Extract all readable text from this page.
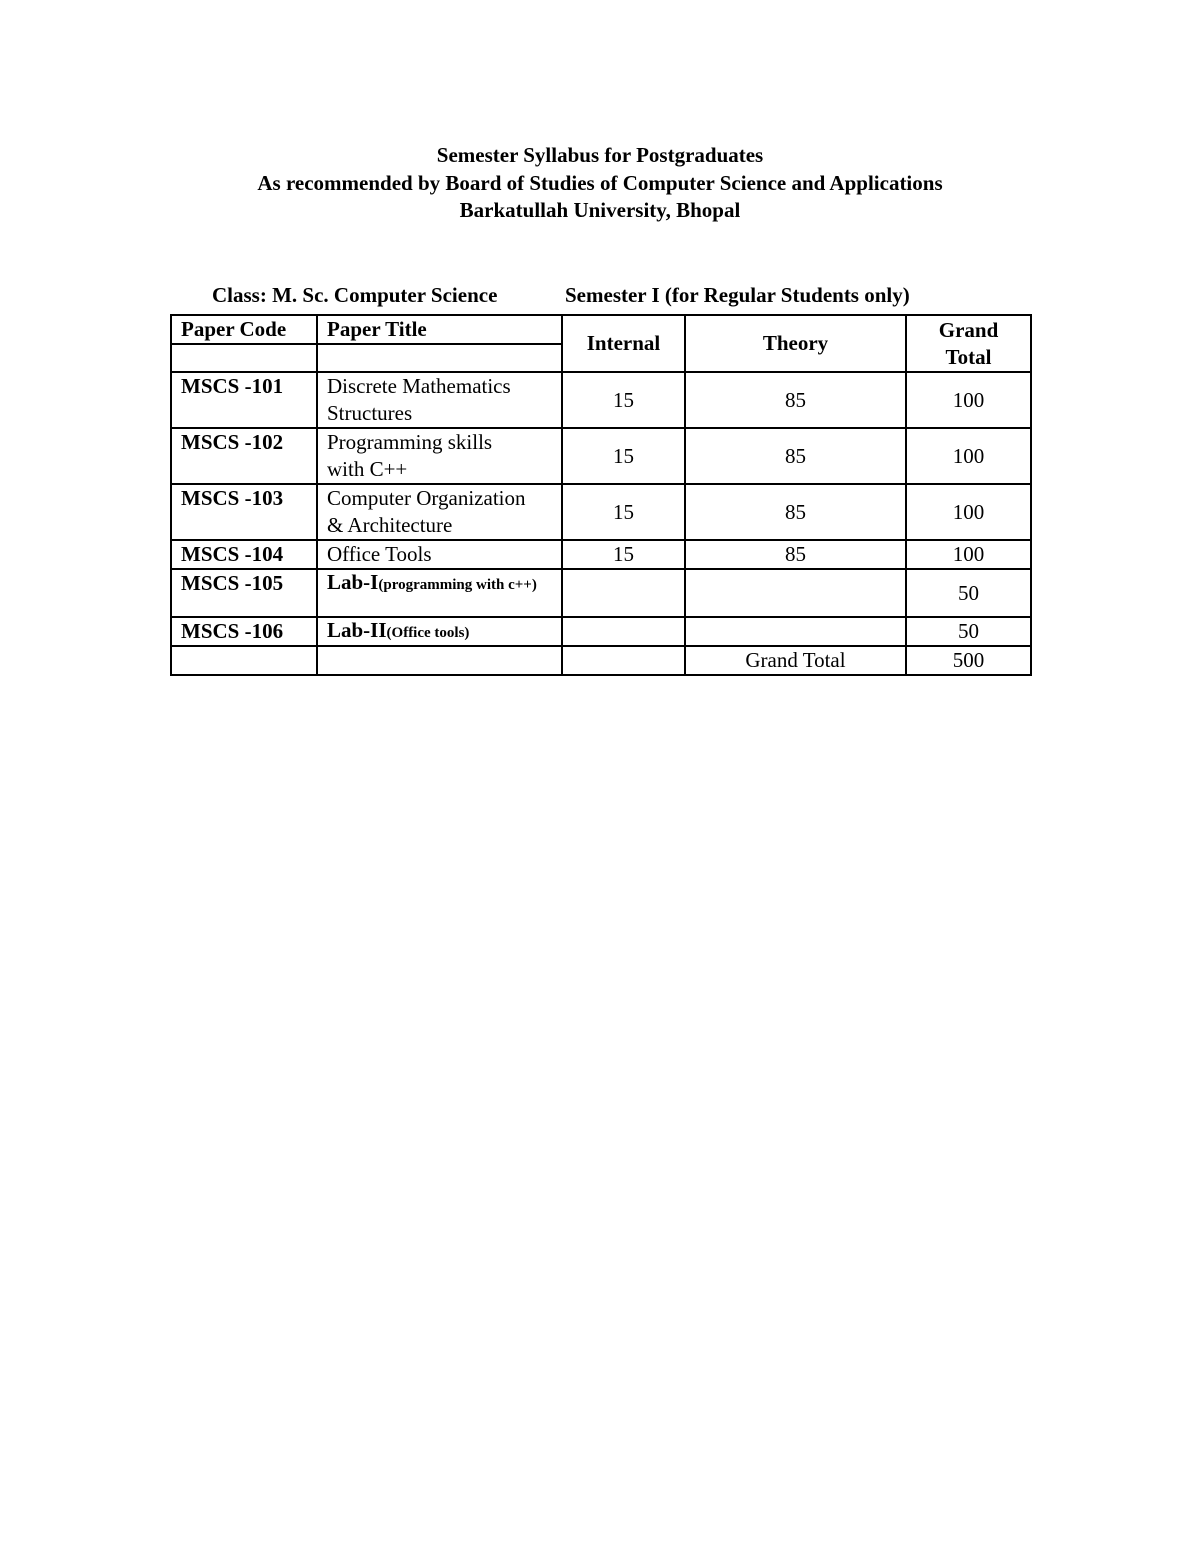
Semester Syllabus for Postgraduates
As recommended by Board of Studies of Computer Science and Applications
Barkatullah University, Bhopal
Class: M. Sc. Computer Science	Semester I (for Regular Students only)
Paper Code	Paper Title	Internal	Theory	Grand
Total

MSCS -101	Discrete Mathematics
Structures	15	85	100
MSCS -102	Programming skills
with C++	15	85	100
MSCS -103	Computer Organization
& Architecture	15	85	100
MSCS -104	Office Tools	15	85	100
MSCS -105	Lab-I(programming with c++)			50
MSCS -106	Lab-II(Office tools)			50
			Grand Total	500
